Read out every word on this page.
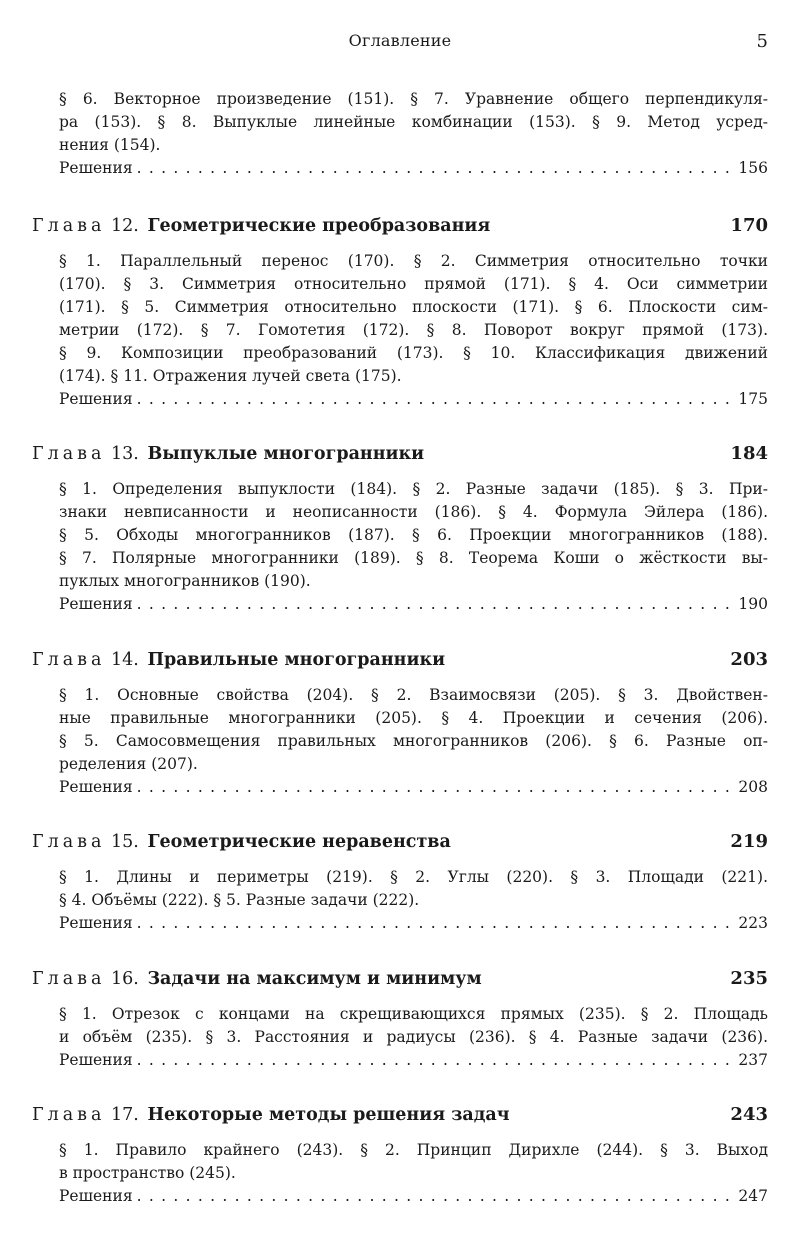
Оглавление	5
§ 6. Векторное произведение (151). § 7. Уравнение общего перпендикуля-
ра (153). § 8. Выпуклые линейные комбинации (153). § 9. Метод усред-
нения (154).
Решения . . .	156
Глава 12. Геометрические преобразования	170
§ 1. Параллельный перенос (170). § 2. Симметрия относительно точки
(170). § 3. Симметрия относительно прямой (171). § 4. Оси симметрии
(171). § 5. Симметрия относительно плоскости (171). § 6. Плоскости сим-
метрии (172). § 7. Гомотетия (172). § 8. Поворот вокруг прямой (173).
§ 9. Композиции преобразований (173). § 10. Классификация движений
(174). § 11. Отражения лучей света (175).
Решения . . .	175
Глава 13. Выпуклые многогранники	184
§ 1. Определения выпуклости (184). § 2. Разные задачи (185). § 3. При-
знаки невписанности и неописанности (186). § 4. Формула Эйлера (186).
§ 5. Обходы многогранников (187). § 6. Проекции многогранников (188).
§ 7. Полярные многогранники (189). § 8. Теорема Коши о жёсткости вы-
пуклых многогранников (190).
Решения . . .	190
Глава 14. Правильные многогранники	203
§ 1. Основные свойства (204). § 2. Взаимосвязи (205). § 3. Двойствен-
ные правильные многогранники (205). § 4. Проекции и сечения (206).
§ 5. Самосовмещения правильных многогранников (206). § 6. Разные оп-
ределения (207).
Решения . . .	208
Глава 15. Геометрические неравенства	219
§ 1. Длины и периметры (219). § 2. Углы (220). § 3. Площади (221).
§ 4. Объёмы (222). § 5. Разные задачи (222).
Решения . . .	223
Глава 16. Задачи на максимум и минимум	235
§ 1. Отрезок с концами на скрещивающихся прямых (235). § 2. Площадь
и объём (235). § 3. Расстояния и радиусы (236). § 4. Разные задачи (236).
Решения . . .	237
Глава 17. Некоторые методы решения задач	243
§ 1. Правило крайнего (243). § 2. Принцип Дирихле (244). § 3. Выход
в пространство (245).
Решения . . .	247
